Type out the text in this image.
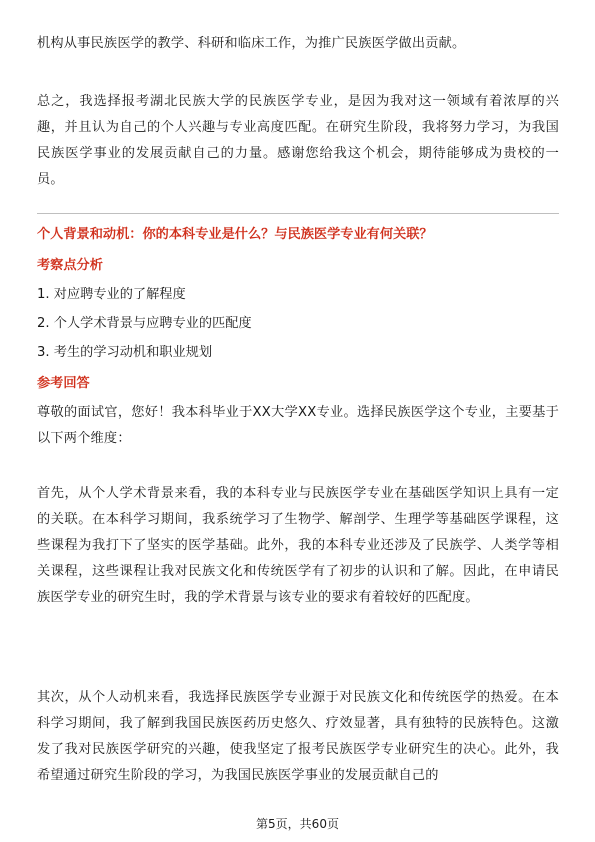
机构从事民族医学的教学、科研和临床工作，为推广民族医学做出贡献。

总之，我选择报考湖北民族大学的民族医学专业，是因为我对这一领域有着浓厚的兴趣，并且认为自己的个人兴趣与专业高度匹配。在研究生阶段，我将努力学习，为我国民族医学事业的发展贡献自己的力量。感谢您给我这个机会，期待能够成为贵校的一员。

个人背景和动机：你的本科专业是什么？与民族医学专业有何关联？

考察点分析

1. 对应聘专业的了解程度
2. 个人学术背景与应聘专业的匹配度
3. 考生的学习动机和职业规划

参考回答

尊敬的面试官，您好！我本科毕业于XX大学XX专业。选择民族医学这个专业，主要基于以下两个维度：

首先，从个人学术背景来看，我的本科专业与民族医学专业在基础医学知识上具有一定的关联。在本科学习期间，我系统学习了生物学、解剖学、生理学等基础医学课程，这些课程为我打下了坚实的医学基础。此外，我的本科专业还涉及了民族学、人类学等相关课程，这些课程让我对民族文化和传统医学有了初步的认识和了解。因此，在申请民族医学专业的研究生时，我的学术背景与该专业的要求有着较好的匹配度。

其次，从个人动机来看，我选择民族医学专业源于对民族文化和传统医学的热爱。在本科学习期间，我了解到我国民族医药历史悠久、疗效显著，具有独特的民族特色。这激发了我对民族医学研究的兴趣，使我坚定了报考民族医学专业研究生的决心。此外，我希望通过研究生阶段的学习，为我国民族医学事业的发展贡献自己的

第5页，共60页
